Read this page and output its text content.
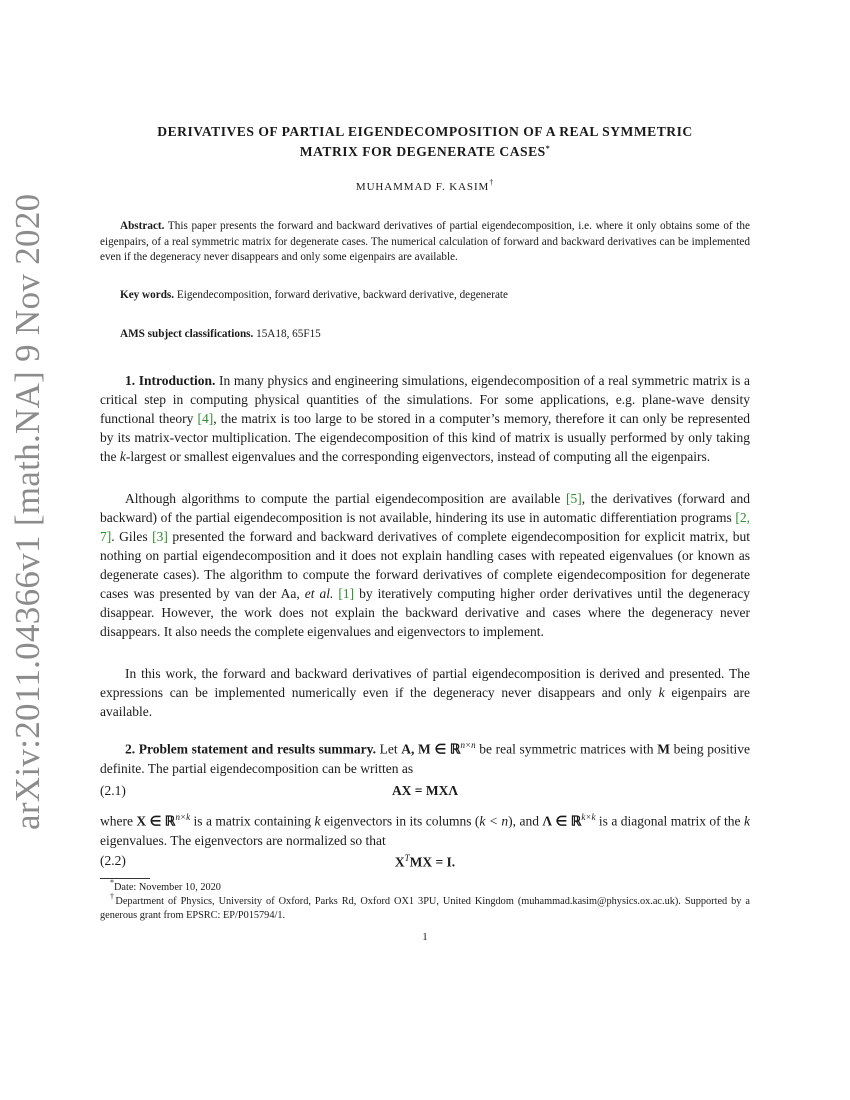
arXiv:2011.04366v1 [math.NA] 9 Nov 2020
DERIVATIVES OF PARTIAL EIGENDECOMPOSITION OF A REAL SYMMETRIC
MATRIX FOR DEGENERATE CASES*
MUHAMMAD F. KASIM†
Abstract. This paper presents the forward and backward derivatives of partial eigendecomposition, i.e. where it only obtains some of the eigenpairs, of a real symmetric matrix for degenerate cases. The numerical calculation of forward and backward derivatives can be implemented even if the degeneracy never disappears and only some eigenpairs are available.
Key words. Eigendecomposition, forward derivative, backward derivative, degenerate
AMS subject classifications. 15A18, 65F15
1. Introduction. In many physics and engineering simulations, eigendecomposition of a real symmetric matrix is a critical step in computing physical quantities of the simulations. For some applications, e.g. plane-wave density functional theory [4], the matrix is too large to be stored in a computer’s memory, therefore it can only be represented by its matrix-vector multiplication. The eigendecomposition of this kind of matrix is usually performed by only taking the k-largest or smallest eigenvalues and the corresponding eigenvectors, instead of computing all the eigenpairs.
Although algorithms to compute the partial eigendecomposition are available [5], the derivatives (forward and backward) of the partial eigendecomposition is not available, hindering its use in automatic differentiation programs [2, 7]. Giles [3] presented the forward and backward derivatives of complete eigendecomposition for explicit matrix, but nothing on partial eigendecomposition and it does not explain handling cases with repeated eigenvalues (or known as degenerate cases). The algorithm to compute the forward derivatives of complete eigendecomposition for degenerate cases was presented by van der Aa, et al. [1] by iteratively computing higher order derivatives until the degeneracy disappear. However, the work does not explain the backward derivative and cases where the degeneracy never disappears. It also needs the complete eigenvalues and eigenvectors to implement.
In this work, the forward and backward derivatives of partial eigendecomposition is derived and presented. The expressions can be implemented numerically even if the degeneracy never disappears and only k eigenpairs are available.
2. Problem statement and results summary. Let A, M ∈ ℝ$^{n\times n}$ be real symmetric matrices with M being positive definite. The partial eigendecomposition can be written as
(2.1)	AX = MXΛ
where X ∈ ℝ$^{n\times k}$ is a matrix containing k eigenvectors in its columns (k < n), and Λ ∈ ℝ$^{k\times k}$ is a diagonal matrix of the k eigenvalues. The eigenvectors are normalized so that
(2.2)	$X^TMX = I$.
*Date: November 10, 2020
†Department of Physics, University of Oxford, Parks Rd, Oxford OX1 3PU, United Kingdom (muhammad.kasim@physics.ox.ac.uk). Supported by a generous grant from EPSRC: EP/P015794/1.
1
